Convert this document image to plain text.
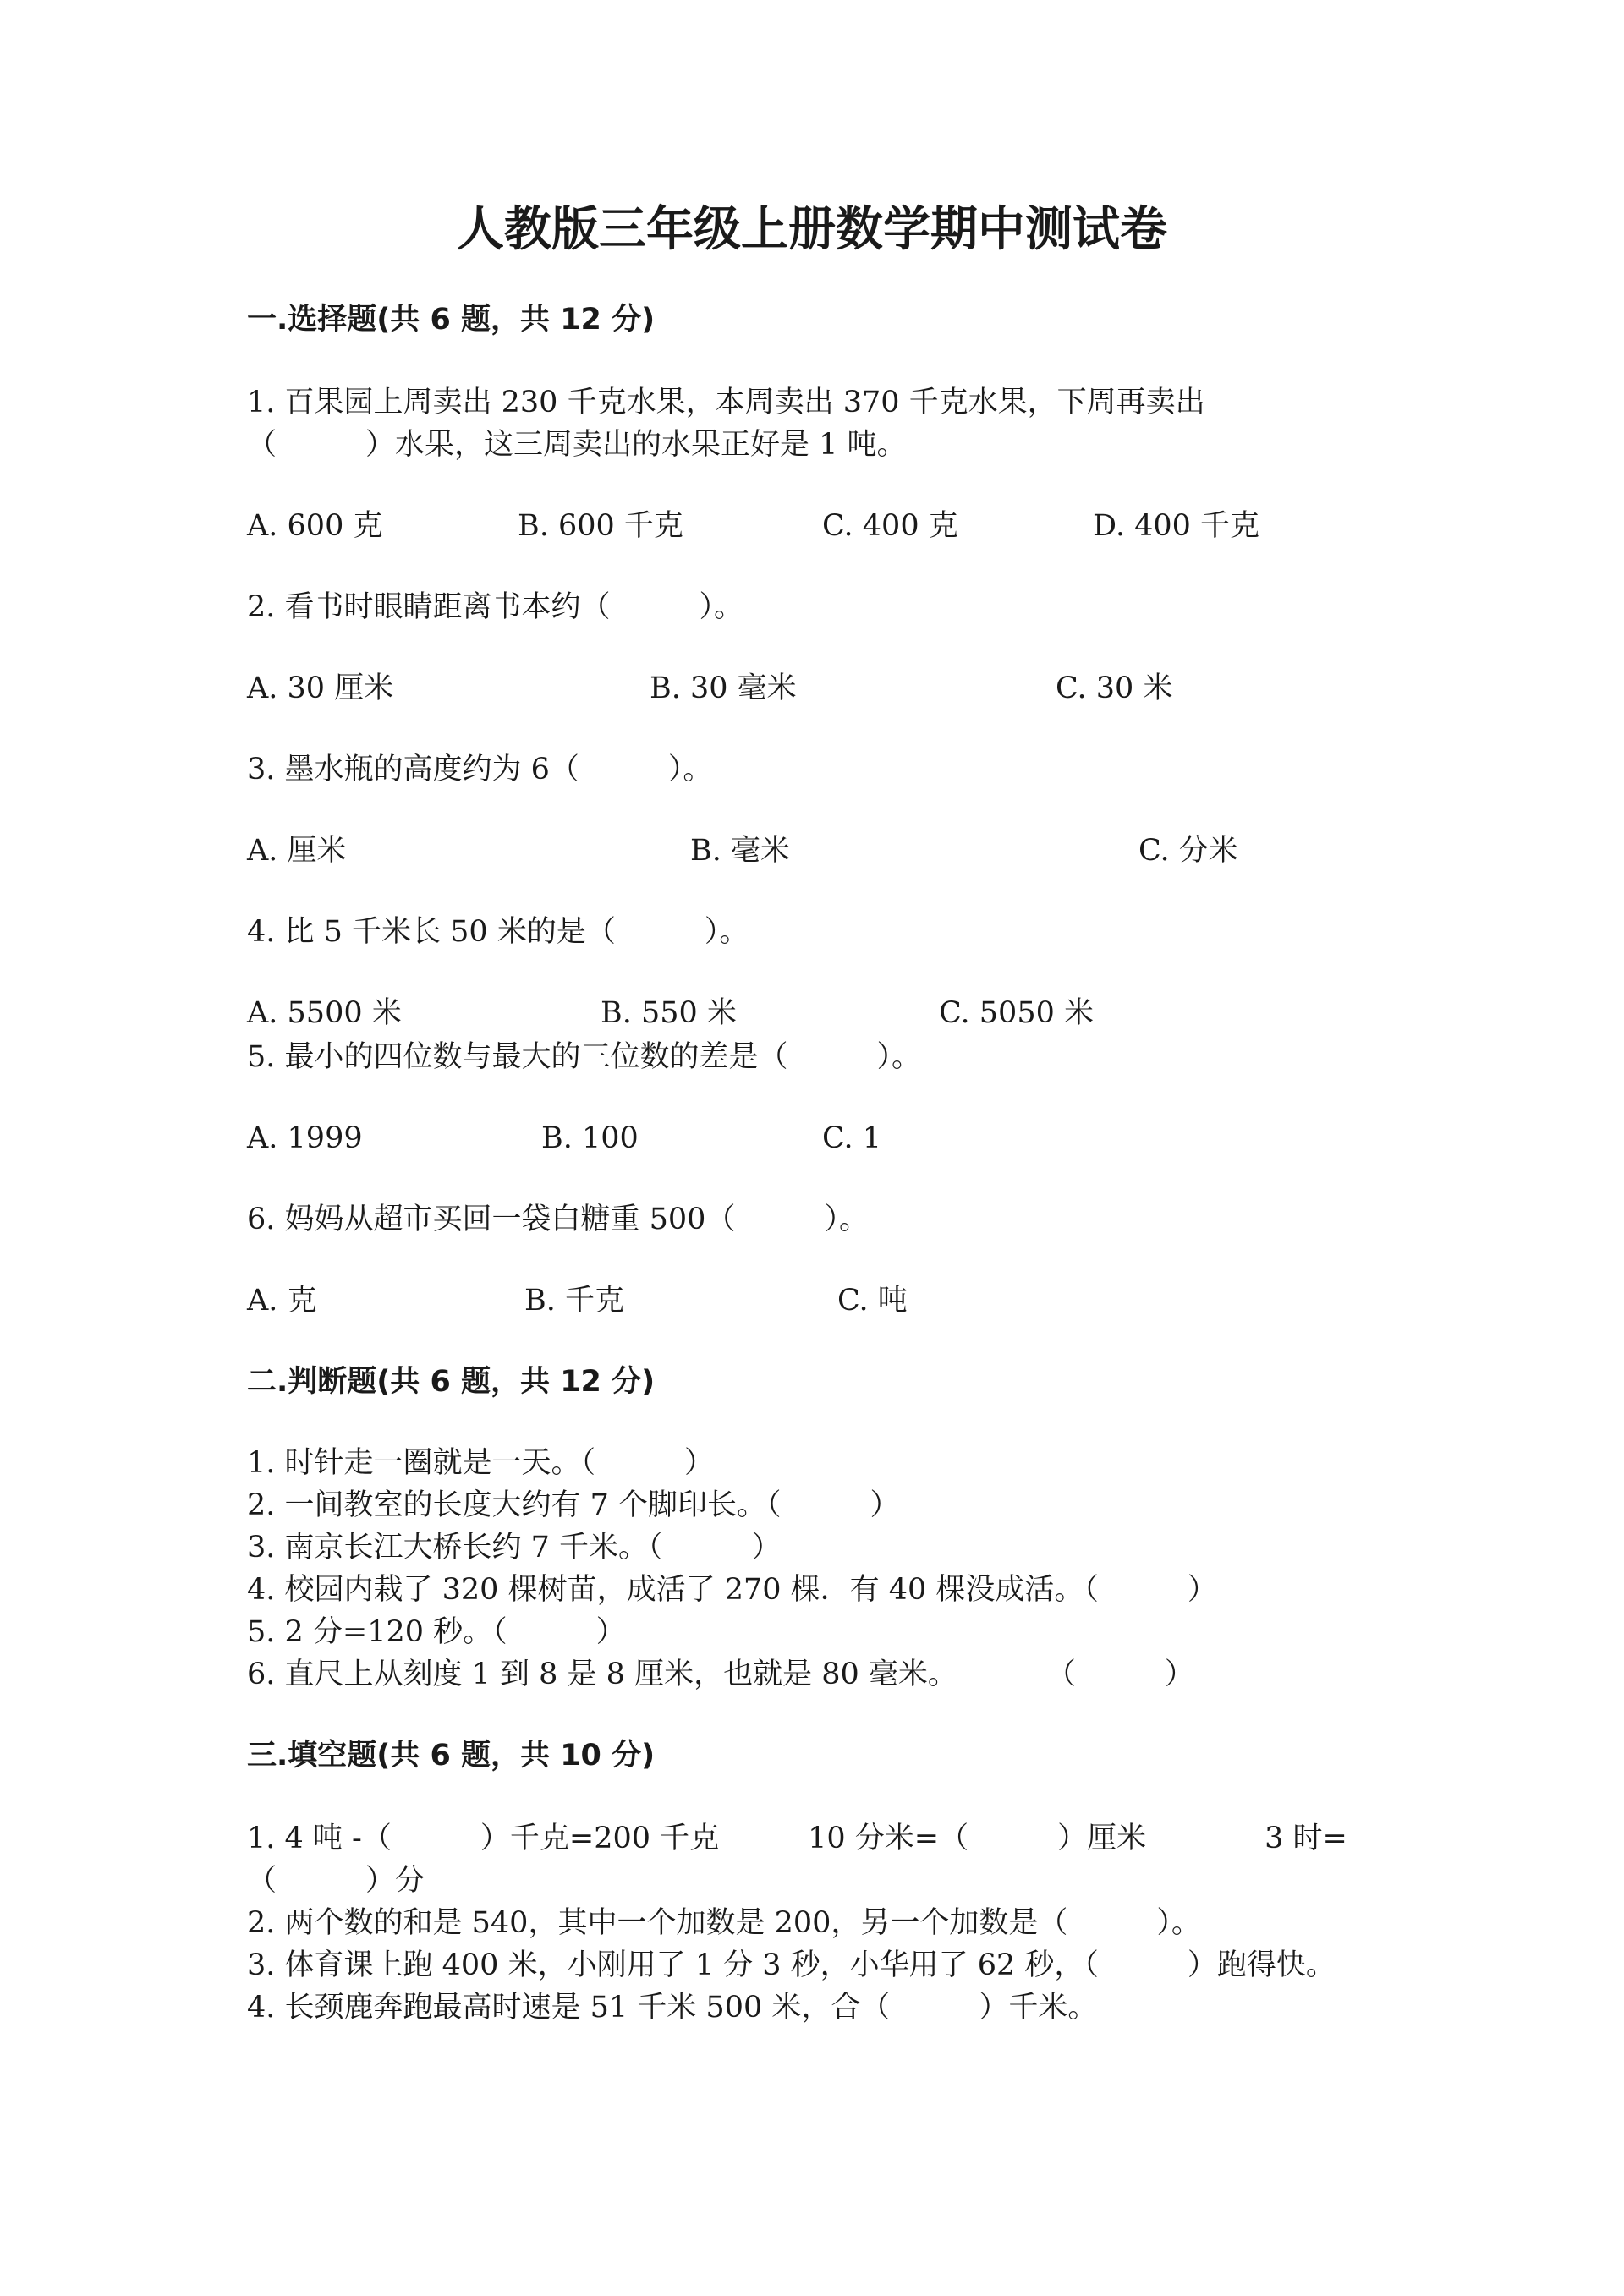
人教版三年级上册数学期中测试卷
一.选择题(共 6 题，共 12 分)
1. 百果园上周卖出 230 千克水果，本周卖出 370 千克水果，下周再卖出
（　　　）水果，这三周卖出的水果正好是 1 吨。
A. 600 克	B. 600 千克	C. 400 克	D. 400 千克
2. 看书时眼睛距离书本约（　　　）。
A. 30 厘米	B. 30 毫米	C. 30 米
3. 墨水瓶的高度约为 6（　　　）。
A. 厘米	B. 毫米	C. 分米
4. 比 5 千米长 50 米的是（　　　）。
A. 5500 米	B. 550 米	C. 5050 米
5. 最小的四位数与最大的三位数的差是（　　　）。
A. 1999	B. 100	C. 1
6. 妈妈从超市买回一袋白糖重 500（　　　）。
A. 克	B. 千克	C. 吨
二.判断题(共 6 题，共 12 分)
1. 时针走一圈就是一天。（　　　）
2. 一间教室的长度大约有 7 个脚印长。（　　　）
3. 南京长江大桥长约 7 千米。（　　　）
4. 校园内栽了 320 棵树苗，成活了 270 棵．有 40 棵没成活。（　　　）
5. 2 分=120 秒。（　　　）
6. 直尺上从刻度 1 到 8 是 8 厘米，也就是 80 毫米。　　　　（　　　）
三.填空题(共 6 题，共 10 分)
1. 4 吨 -（　　　）千克=200 千克　　　10 分米=（　　　）厘米　　　　3 时=
（　　　）分
2. 两个数的和是 540，其中一个加数是 200，另一个加数是（　　　）。
3. 体育课上跑 400 米，小刚用了 1 分 3 秒，小华用了 62 秒，（　　　）跑得快。
4. 长颈鹿奔跑最高时速是 51 千米 500 米，合（　　　）千米。
